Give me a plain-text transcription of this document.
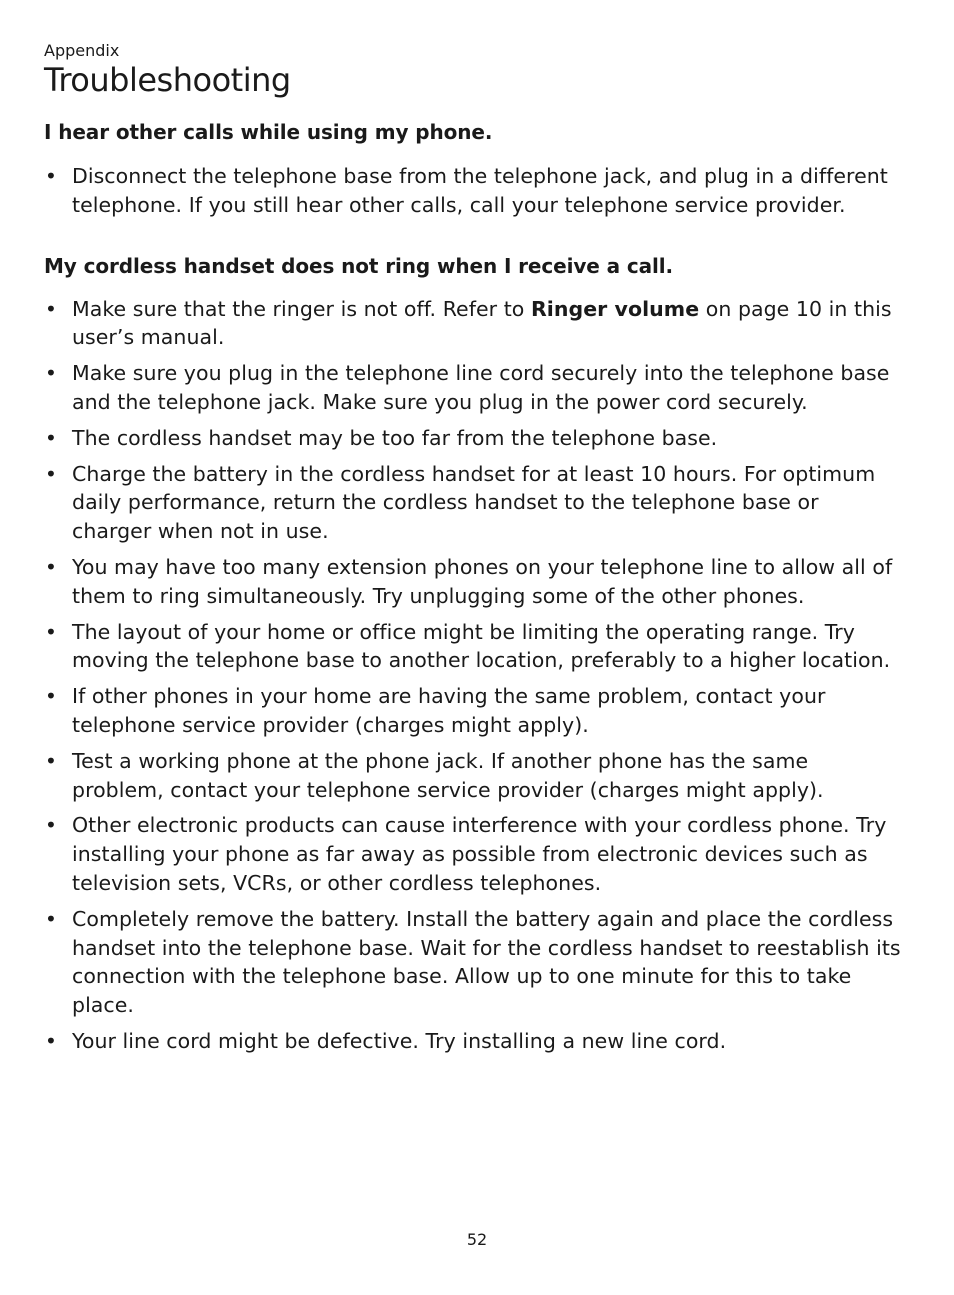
Appendix
Troubleshooting

I hear other calls while using my phone.

• Disconnect the telephone base from the telephone jack, and plug in a different telephone. If you still hear other calls, call your telephone service provider.

My cordless handset does not ring when I receive a call.

• Make sure that the ringer is not off. Refer to Ringer volume on page 10 in this user’s manual.
• Make sure you plug in the telephone line cord securely into the telephone base and the telephone jack. Make sure you plug in the power cord securely.
• The cordless handset may be too far from the telephone base.
• Charge the battery in the cordless handset for at least 10 hours. For optimum daily performance, return the cordless handset to the telephone base or charger when not in use.
• You may have too many extension phones on your telephone line to allow all of them to ring simultaneously. Try unplugging some of the other phones.
• The layout of your home or office might be limiting the operating range. Try moving the telephone base to another location, preferably to a higher location.
• If other phones in your home are having the same problem, contact your telephone service provider (charges might apply).
• Test a working phone at the phone jack. If another phone has the same problem, contact your telephone service provider (charges might apply).
• Other electronic products can cause interference with your cordless phone. Try installing your phone as far away as possible from electronic devices such as television sets, VCRs, or other cordless telephones.
• Completely remove the battery. Install the battery again and place the cordless handset into the telephone base. Wait for the cordless handset to reestablish its connection with the telephone base. Allow up to one minute for this to take place.
• Your line cord might be defective. Try installing a new line cord.
52
